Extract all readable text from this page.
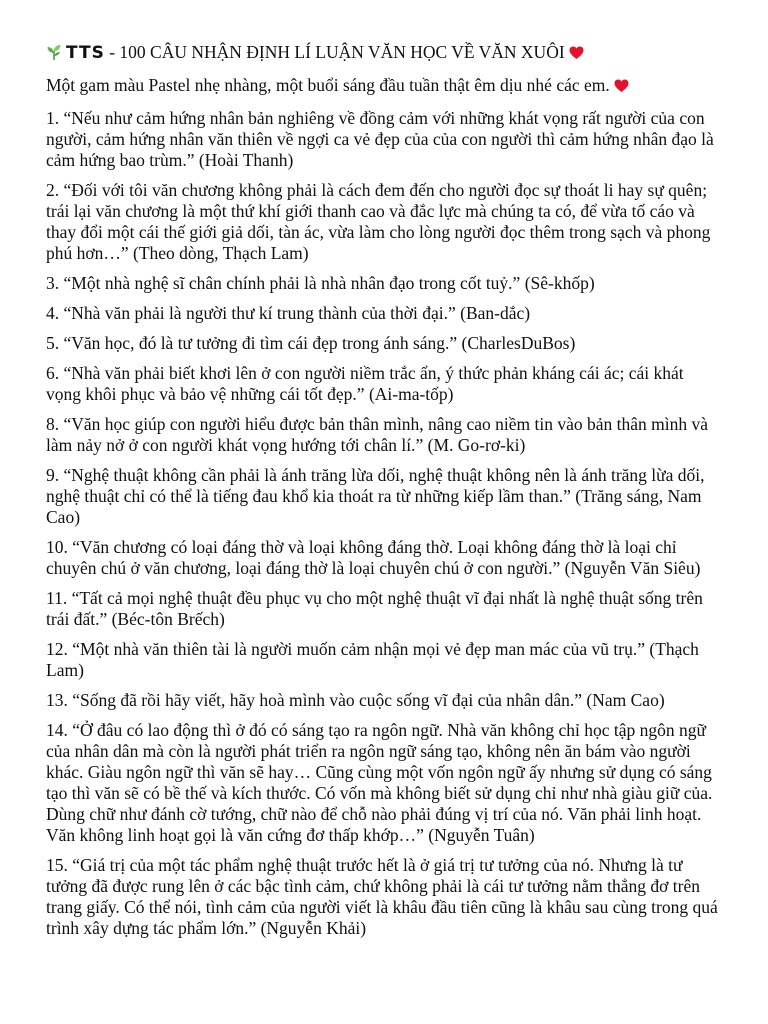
TTS - 100 CÂU NHẬN ĐỊNH LÍ LUẬN VĂN HỌC VỀ VĂN XUÔI

Một gam màu Pastel nhẹ nhàng, một buổi sáng đầu tuần thật êm dịu nhé các em.

1. “Nếu như cảm hứng nhân bản nghiêng về đồng cảm với những khát vọng rất người của con người, cảm hứng nhân văn thiên về ngợi ca vẻ đẹp của của con người thì cảm hứng nhân đạo là cảm hứng bao trùm.” (Hoài Thanh)

2. “Đối với tôi văn chương không phải là cách đem đến cho người đọc sự thoát li hay sự quên; trái lại văn chương là một thứ khí giới thanh cao và đắc lực mà chúng ta có, để vừa tố cáo và thay đổi một cái thế giới giả dối, tàn ác, vừa làm cho lòng người đọc thêm trong sạch và phong phú hơn…” (Theo dòng, Thạch Lam)

3. “Một nhà nghệ sĩ chân chính phải là nhà nhân đạo trong cốt tuỷ.” (Sê-khốp)

4. “Nhà văn phải là người thư kí trung thành của thời đại.” (Ban-dắc)

5. “Văn học, đó là tư tưởng đi tìm cái đẹp trong ánh sáng.” (CharlesDuBos)

6. “Nhà văn phải biết khơi lên ở con người niềm trắc ẩn, ý thức phản kháng cái ác; cái khát vọng khôi phục và bảo vệ những cái tốt đẹp.” (Ai-ma-tốp)

8. “Văn học giúp con người hiểu được bản thân mình, nâng cao niềm tin vào bản thân mình và làm nảy nở ở con người khát vọng hướng tới chân lí.” (M. Go-rơ-ki)

9. “Nghệ thuật không cần phải là ánh trăng lừa dối, nghệ thuật không nên là ánh trăng lừa dối, nghệ thuật chỉ có thể là tiếng đau khổ kia thoát ra từ những kiếp lầm than.” (Trăng sáng, Nam Cao)

10. “Văn chương có loại đáng thờ và loại không đáng thờ. Loại không đáng thờ là loại chỉ chuyên chú ở văn chương, loại đáng thờ là loại chuyên chú ở con người.” (Nguyễn Văn Siêu)

11. “Tất cả mọi nghệ thuật đều phục vụ cho một nghệ thuật vĩ đại nhất là nghệ thuật sống trên trái đất.” (Béc-tôn Brếch)

12. “Một nhà văn thiên tài là người muốn cảm nhận mọi vẻ đẹp man mác của vũ trụ.” (Thạch Lam)

13. “Sống đã rồi hãy viết, hãy hoà mình vào cuộc sống vĩ đại của nhân dân.” (Nam Cao)

14. “Ở đâu có lao động thì ở đó có sáng tạo ra ngôn ngữ. Nhà văn không chỉ học tập ngôn ngữ của nhân dân mà còn là người phát triển ra ngôn ngữ sáng tạo, không nên ăn bám vào người khác. Giàu ngôn ngữ thì văn sẽ hay… Cũng cùng một vốn ngôn ngữ ấy nhưng sử dụng có sáng tạo thì văn sẽ có bề thế và kích thước. Có vốn mà không biết sử dụng chỉ như nhà giàu giữ của. Dùng chữ như đánh cờ tướng, chữ nào để chỗ nào phải đúng vị trí của nó. Văn phải linh hoạt. Văn không linh hoạt gọi là văn cứng đơ thấp khớp…” (Nguyễn Tuân)

15. “Giá trị của một tác phẩm nghệ thuật trước hết là ở giá trị tư tưởng của nó. Nhưng là tư tưởng đã được rung lên ở các bậc tình cảm, chứ không phải là cái tư tưởng nằm thẳng đơ trên trang giấy. Có thể nói, tình cảm của người viết là khâu đầu tiên cũng là khâu sau cùng trong quá trình xây dựng tác phẩm lớn.” (Nguyễn Khải)
